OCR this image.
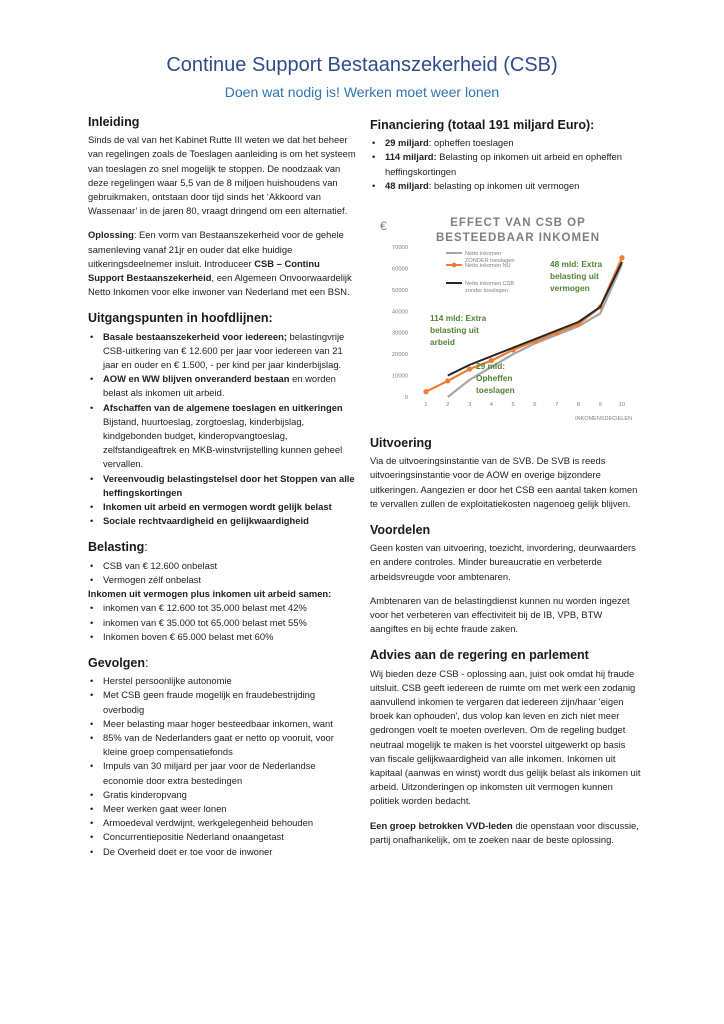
Continue Support Bestaanszekerheid (CSB)
Doen wat nodig is! Werken moet weer lonen
Inleiding

Sinds de val van het Kabinet Rutte III weten we dat het beheer van regelingen zoals de Toeslagen aanleiding is om het systeem van toeslagen zo snel mogelijk te stoppen. De noodzaak van deze regelingen waar 5,5 van de 8 miljoen huishoudens van gebruikmaken, ontstaan door tijd sinds het ‘Akkoord van Wassenaar’ in de jaren 80, vraagt dringend om een alternatief.

Oplossing: Een vorm van Bestaanszekerheid voor de gehele samenleving vanaf 21jr en ouder dat elke huidige uitkeringsdeelnemer insluit. Introduceer CSB – Continu Support Bestaanszekerheid, een Algemeen Onvoorwaardelijk Netto Inkomen voor elke inwoner van Nederland met een BSN.

Uitgangspunten in hoofdlijnen:
• Basale bestaanszekerheid voor iedereen; belastingvrije CSB-uitkering van € 12.600 per jaar voor iedereen van 21 jaar en ouder en € 1.500, - per kind per jaar kinderbijslag.
• AOW en WW blijven onveranderd bestaan en worden belast als inkomen uit arbeid.
• Afschaffen van de algemene toeslagen en uitkeringen Bijstand, huurtoeslag, zorgtoeslag, kinderbijslag, kindgebonden budget, kinderopvangtoeslag, zelfstandigeaftrek en MKB-winstvrijstelling kunnen geheel vervallen.
• Vereenvoudig belastingstelsel door het Stoppen van alle heffingskortingen
• Inkomen uit arbeid en vermogen wordt gelijk belast
• Sociale rechtvaardigheid en gelijkwaardigheid
Belasting:
• CSB van € 12.600 onbelast
• Vermogen zélf onbelast

Inkomen uit vermogen plus inkomen uit arbeid samen:

• inkomen van € 12.600 tot 35.000 belast met 42%
• inkomen van € 35.000 tot 65.000 belast met 55%
• Inkomen boven € 65.000 belast met 60%
Gevolgen:
• Herstel persoonlijke autonomie
• Met CSB geen fraude mogelijk en fraudebestrijding overbodig
• Meer belasting maar hoger besteedbaar inkomen, want
• 85% van de Nederlanders gaat er netto op vooruit, voor kleine groep compensatiefonds
• Impuls van 30 miljard per jaar voor de Nederlandse economie door extra bestedingen
• Gratis kinderopvang
• Meer werken gaat weer lonen
• Armoedeval verdwijnt, werkgelegenheid behouden
• Concurrentiepositie Nederland onaangetast
• De Overheid doet er toe voor de inwoner
Financiering (totaal 191 miljard Euro):
• 29 miljard: opheffen toeslagen
• 114 miljard: Belasting op inkomen uit arbeid en opheffen heffingskortingen
• 48 miljard: belasting op inkomen uit vermogen
€	EFFECT VAN CSB OP
BESTEEDBAAR INKOMEN
0
10000
20000
30000
40000
50000
60000
70000
1	2	3	4	5	6	7	8	9	10
Netto inkomen
ZONDER toeslagen
Netto inkomen NU
Netto inkomen CSB
zonder toeslagen
48 mld: Extra
belasting uit
vermogen
114 mld: Extra
belasting uit
arbeid
29 mld:
Opheffen
toeslagen
INKOMENSDECIELEN
Uitvoering

Via de uitvoeringsinstantie van de SVB. De SVB is reeds uitvoeringsinstantie voor de AOW en overige bijzondere uitkeringen. Aangezien er door het CSB een aantal taken komen te vervallen zullen de exploitatiekosten nagenoeg gelijk blijven.

Voordelen

Geen kosten van uitvoering, toezicht, invordering, deurwaarders en andere controles. Minder bureaucratie en verbeterde arbeidsvreugde voor ambtenaren.

Ambtenaren van de belastingdienst kunnen nu worden ingezet voor het verbeteren van effectiviteit bij de IB, VPB, BTW aangiftes en bij echte fraude zaken.

Advies aan de regering en parlement

Wij bieden deze CSB - oplossing aan, juist ook omdat hij fraude uitsluit. CSB geeft iedereen de ruimte om met werk een zodanig aanvullend inkomen te vergaren dat iedereen zijn/haar 'eigen broek kan ophouden', dus volop kan leven en zich niet meer gedrongen voelt te moeten overleven. Om de regeling budget neutraal mogelijk te maken is het voorstel uitgewerkt op basis van fiscale gelijkwaardigheid van alle inkomen. Inkomen uit kapitaal (aanwas en winst) wordt dus gelijk belast als inkomen uit arbeid. Uitzonderingen op inkomsten uit vermogen kunnen politiek worden bedacht.

Een groep betrokken VVD-leden die openstaan voor discussie, partij onafhankelijk, om te zoeken naar de beste oplossing.
